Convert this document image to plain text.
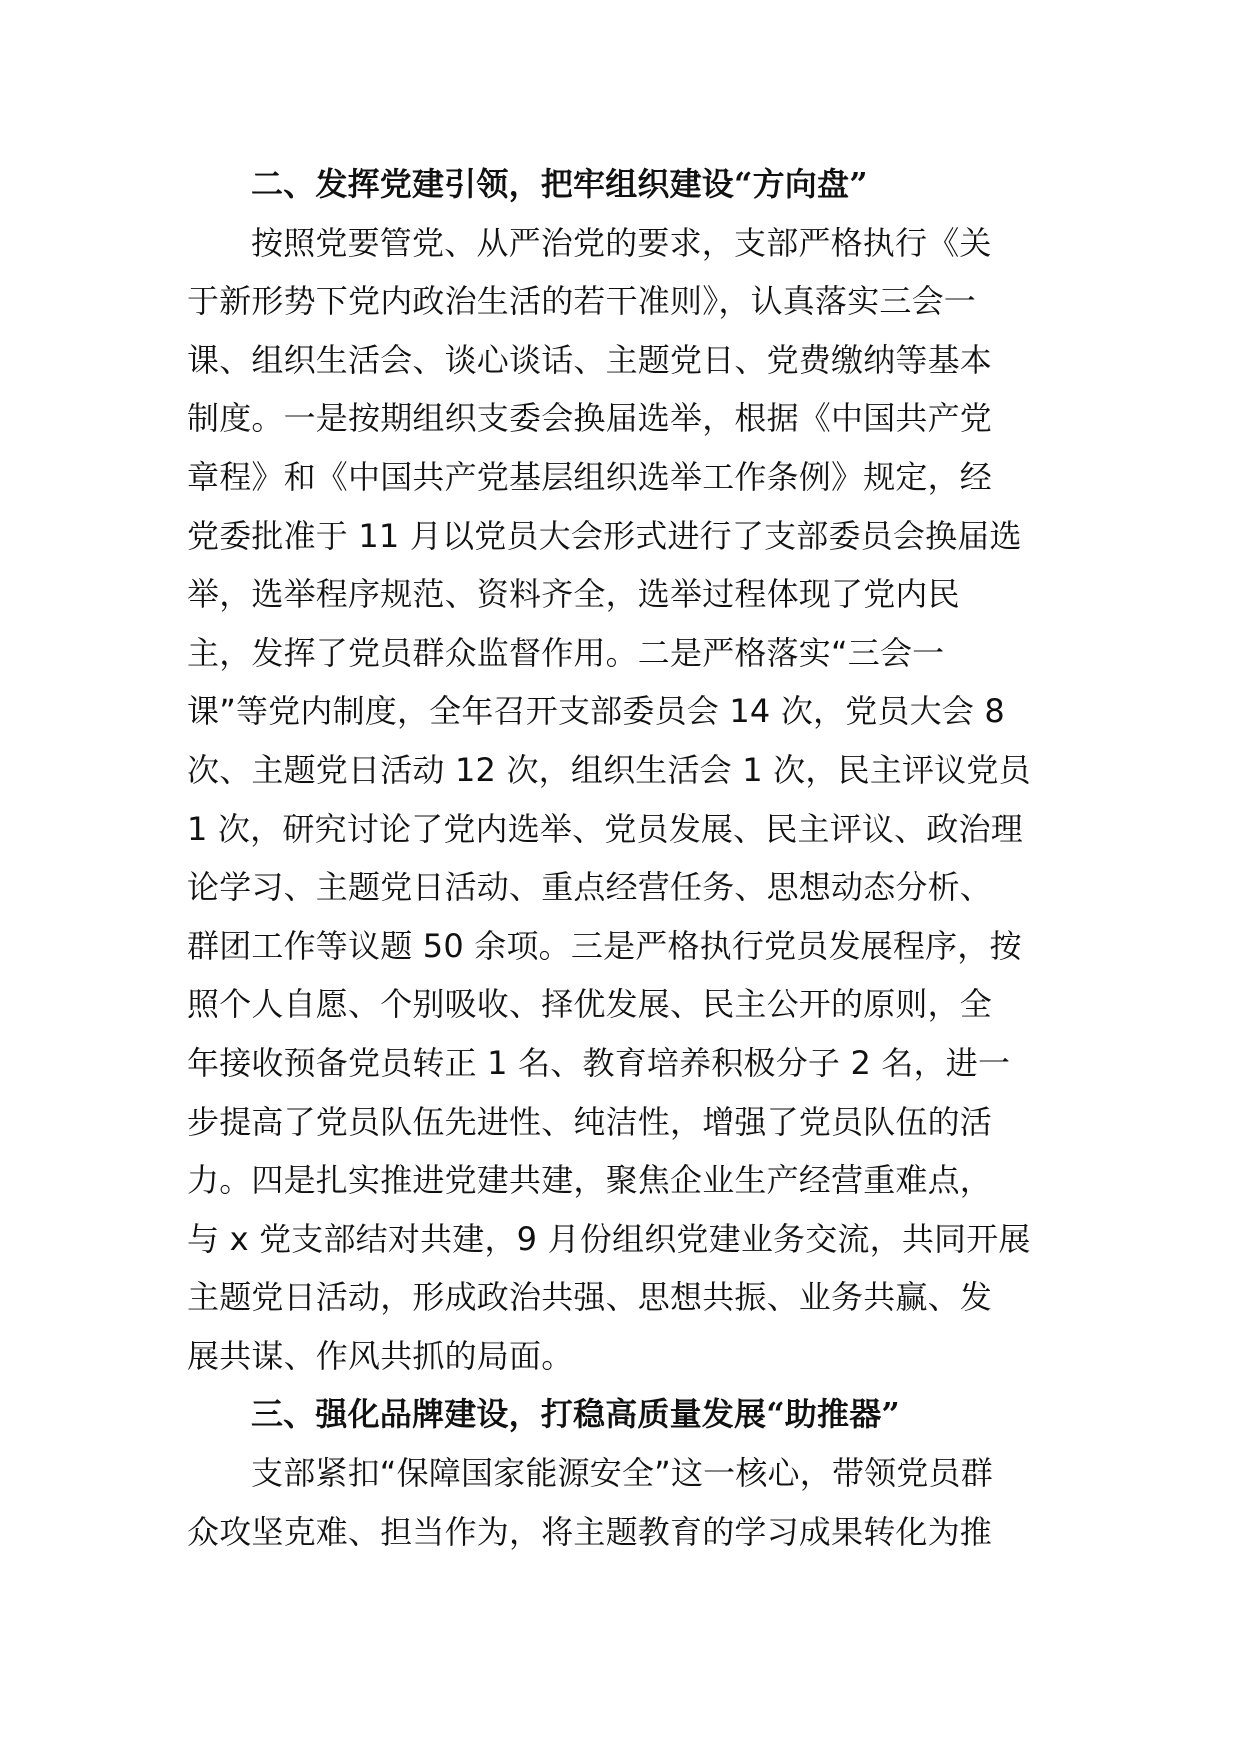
二、发挥党建引领，把牢组织建设“方向盘”
按照党要管党、从严治党的要求，支部严格执行《关
于新形势下党内政治生活的若干准则》，认真落实三会一
课、组织生活会、谈心谈话、主题党日、党费缴纳等基本
制度。一是按期组织支委会换届选举，根据《中国共产党
章程》和《中国共产党基层组织选举工作条例》规定，经
党委批准于 11 月以党员大会形式进行了支部委员会换届选
举，选举程序规范、资料齐全，选举过程体现了党内民
主，发挥了党员群众监督作用。二是严格落实“三会一
课”等党内制度，全年召开支部委员会 14 次，党员大会 8
次、主题党日活动 12 次，组织生活会 1 次，民主评议党员
1 次，研究讨论了党内选举、党员发展、民主评议、政治理
论学习、主题党日活动、重点经营任务、思想动态分析、
群团工作等议题 50 余项。三是严格执行党员发展程序，按
照个人自愿、个别吸收、择优发展、民主公开的原则，全
年接收预备党员转正 1 名、教育培养积极分子 2 名，进一
步提高了党员队伍先进性、纯洁性，增强了党员队伍的活
力。四是扎实推进党建共建，聚焦企业生产经营重难点，
与 x 党支部结对共建，9 月份组织党建业务交流，共同开展
主题党日活动，形成政治共强、思想共振、业务共赢、发
展共谋、作风共抓的局面。
三、强化品牌建设，打稳高质量发展“助推器”
支部紧扣“保障国家能源安全”这一核心，带领党员群
众攻坚克难、担当作为，将主题教育的学习成果转化为推
